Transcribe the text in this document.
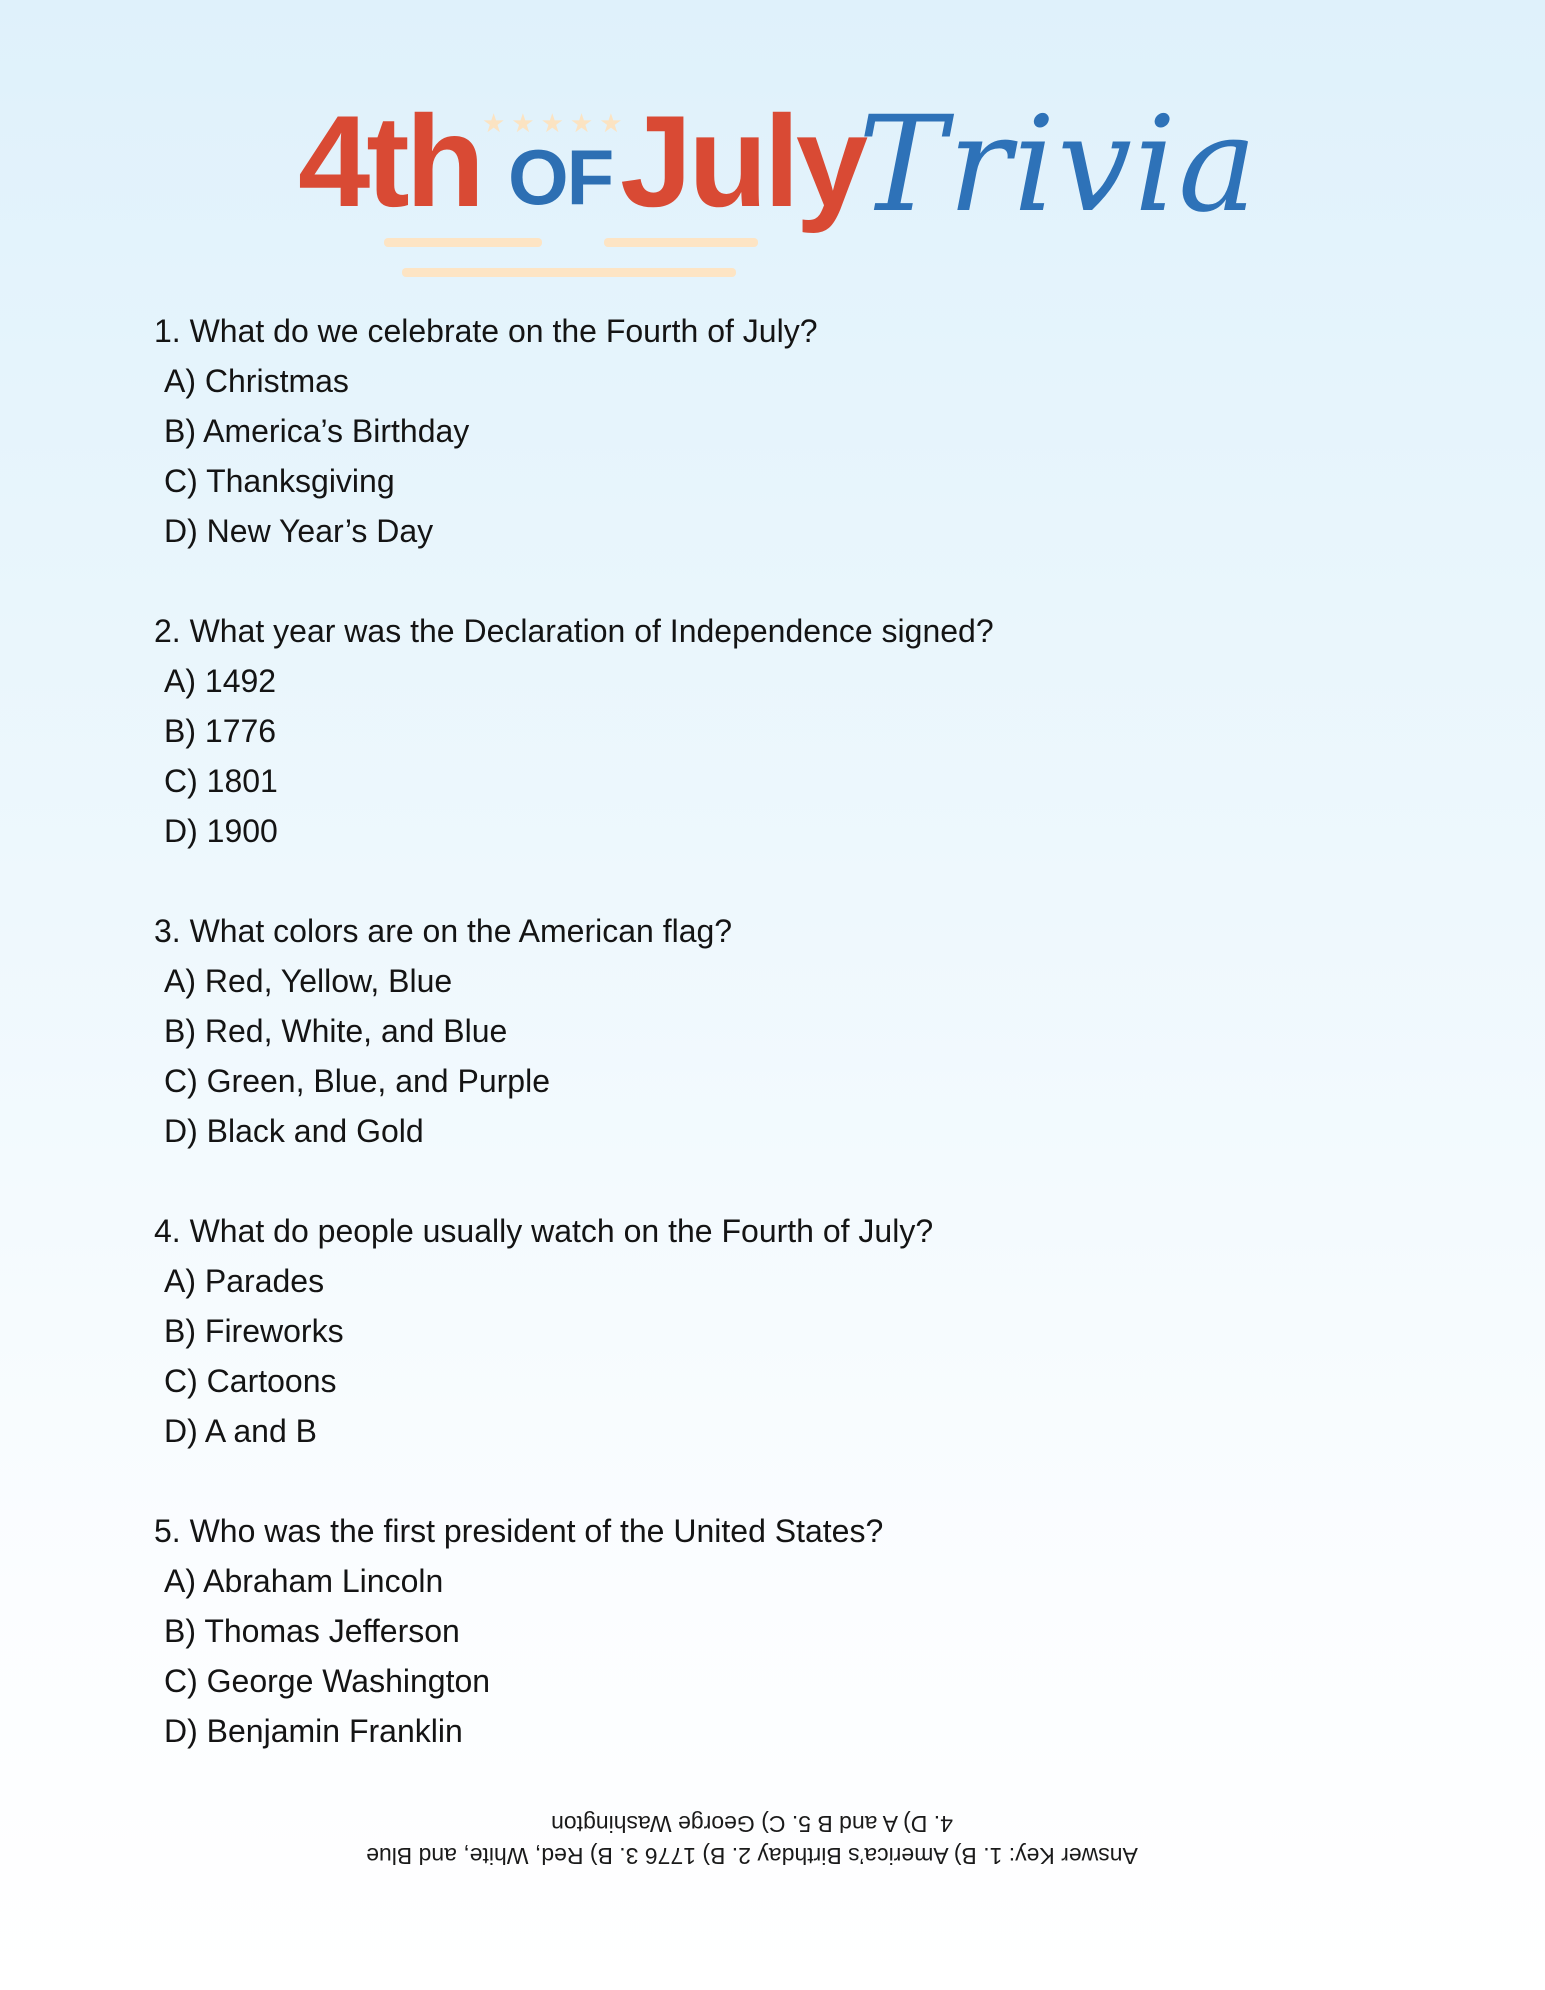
★★★★★
4th OF July
Trivia

1. What do we celebrate on the Fourth of July?

A) Christmas

B) America’s Birthday

C) Thanksgiving

D) New Year’s Day

2. What year was the Declaration of Independence signed?

A) 1492

B) 1776

C) 1801

D) 1900

3. What colors are on the American flag?

A) Red, Yellow, Blue

B) Red, White, and Blue

C) Green, Blue, and Purple

D) Black and Gold

4. What do people usually watch on the Fourth of July?

A) Parades

B) Fireworks

C) Cartoons

D) A and B

5. Who was the first president of the United States?

A) Abraham Lincoln

B) Thomas Jefferson

C) George Washington

D) Benjamin Franklin

Answer Key: 1. B) America’s Birthday 2. B) 1776 3. B) Red, White, and Blue
4. D) A and B 5. C) George Washington
